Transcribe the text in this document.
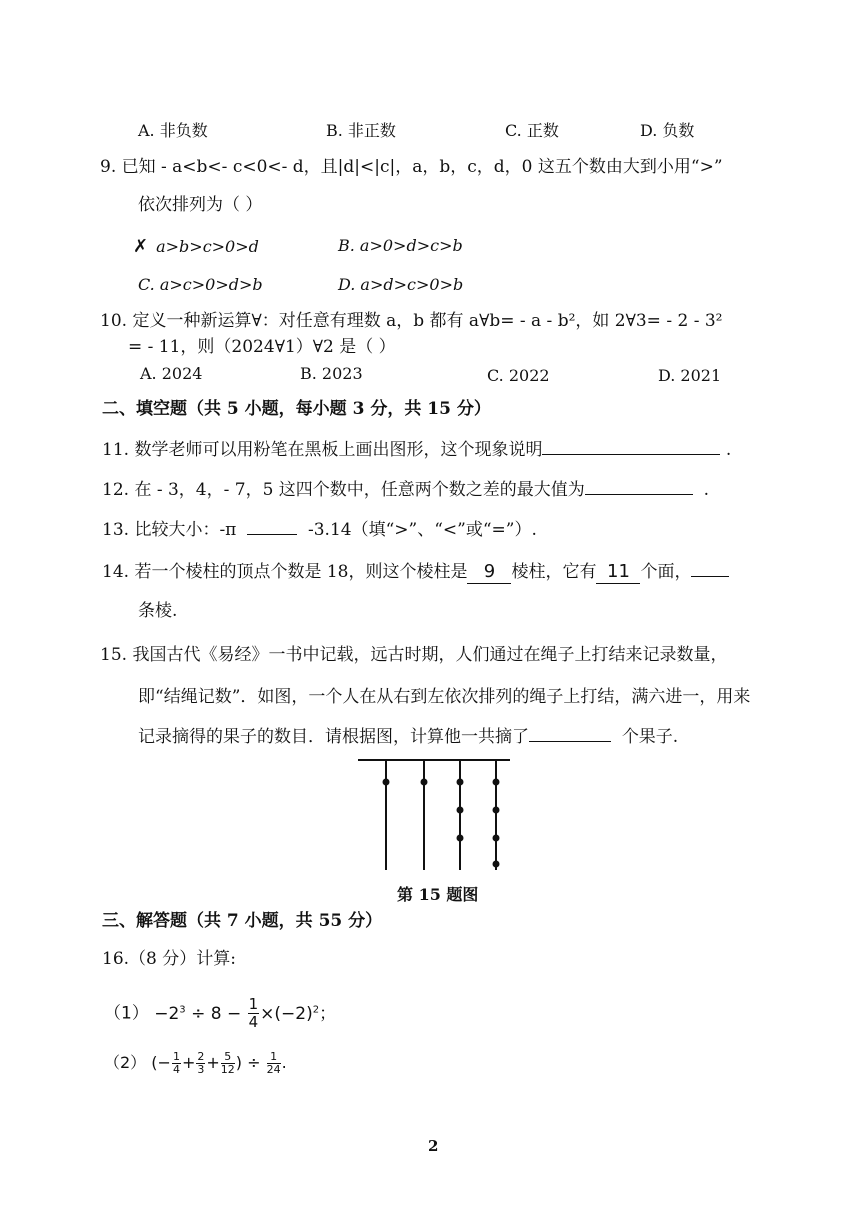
A. 非负数	B. 非正数	C. 正数	D. 负数
9. 已知 - a<b<- c<0<- d，且|d|<|c|，a，b，c，d，0 这五个数由大到小用“>”
依次排列为（ ）
✗ a>b>c>0>d	B. a>0>d>c>b
C. a>c>0>d>b	D. a>d>c>0>b
10. 定义一种新运算∀：对任意有理数 a，b 都有 a∀b= - a - b²，如 2∀3= - 2 - 3²
= - 11，则（2024∀1）∀2 是（ ）
A. 2024	B. 2023	C. 2022	D. 2021
二、填空题（共 5 小题，每小题 3 分，共 15 分）
11. 数学老师可以用粉笔在黑板上画出图形，这个现象说明	.
12. 在 - 3，4，- 7，5 这四个数中，任意两个数之差的最大值为	.
13. 比较大小：-π	-3.14（填“>”、“<”或“=”）.
14. 若一个棱柱的顶点个数是 18，则这个棱柱是 9 棱柱，它有 11 个面，
条棱.
15. 我国古代《易经》一书中记载，远古时期，人们通过在绳子上打结来记录数量，
即“结绳记数”．如图，一个人在从右到左依次排列的绳子上打结，满六进一，用来
记录摘得的果子的数目．请根据图，计算他一共摘了	个果子.
第 15 题图
三、解答题（共 7 小题，共 55 分）
16.（8 分）计算:
$(1) -2^3 \div 8 - \frac{1}{4} \times(-2)^2$；
（2） (− $\frac{1}{4} + \frac{2}{3} + \frac{5}{12}$ ) ÷ $\frac{1}{24}$ .
2
